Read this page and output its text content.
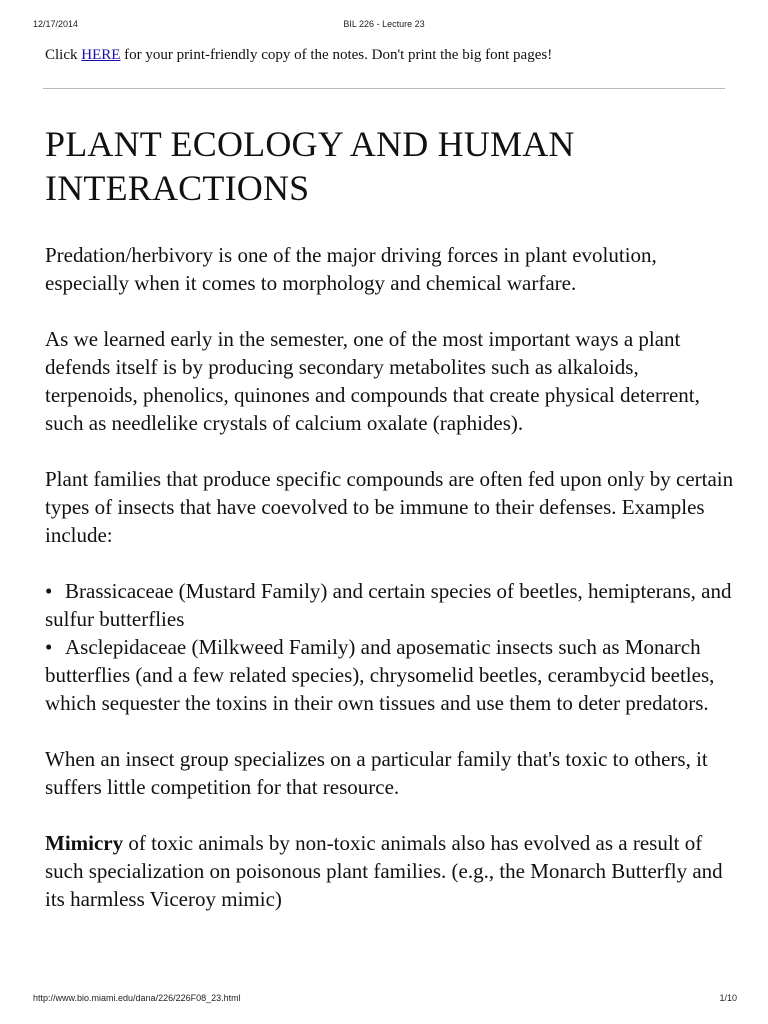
12/17/2014	BIL 226 - Lecture 23

Click HERE for your print-friendly copy of the notes. Don't print the big font pages!

PLANT ECOLOGY AND HUMAN
INTERACTIONS

Predation/herbivory is one of the major driving forces in plant evolution, especially when it comes to morphology and chemical warfare.

As we learned early in the semester, one of the most important ways a plant defends itself is by producing secondary metabolites such as alkaloids, terpenoids, phenolics, quinones and compounds that create physical deterrent, such as needlelike crystals of calcium oxalate (raphides).

Plant families that produce specific compounds are often fed upon only by certain types of insects that have coevolved to be immune to their defenses. Examples include:

• Brassicaceae (Mustard Family) and certain species of beetles, hemipterans, and sulfur butterflies
• Asclepidaceae (Milkweed Family) and aposematic insects such as Monarch butterflies (and a few related species), chrysomelid beetles, cerambycid beetles, which sequester the toxins in their own tissues and use them to deter predators.

When an insect group specializes on a particular family that's toxic to others, it suffers little competition for that resource.

Mimicry of toxic animals by non-toxic animals also has evolved as a result of such specialization on poisonous plant families. (e.g., the Monarch Butterfly and its harmless Viceroy mimic)

http://www.bio.miami.edu/dana/226/226F08_23.html	1/10
